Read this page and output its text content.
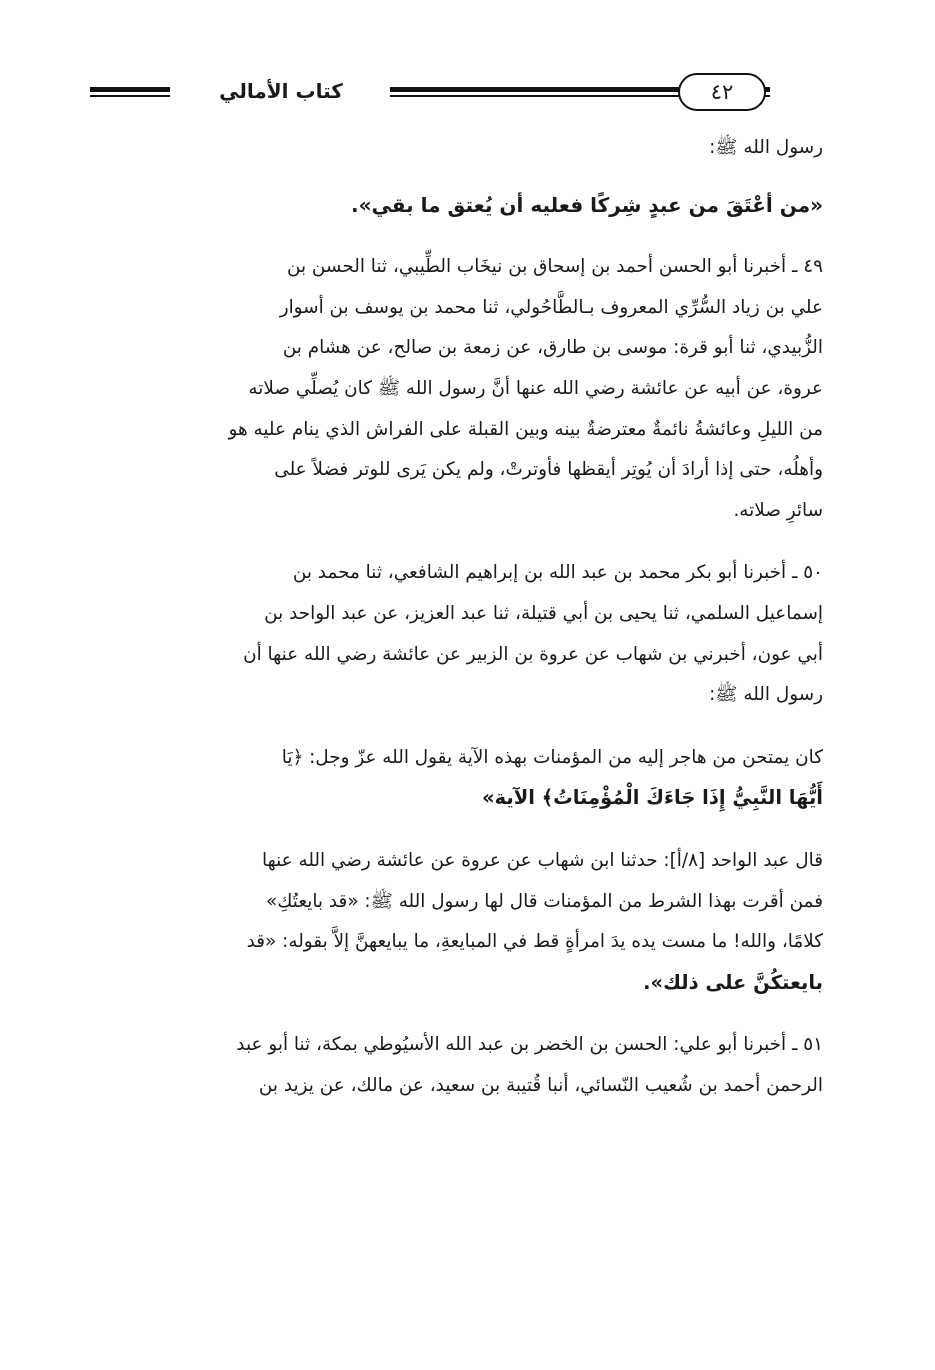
كتاب الأمالي	٤٢

رسول الله ﷺ:

«من أعْتَقَ من عبدٍ شِركًا فعليه أن يُعتق ما بقي».

٤٩ ـ أخبرنا أبو الحسن أحمد بن إسحاق بن نيخَاب الطِّيبي، ثنا الحسن بن

علي بن زياد السُّرِّي المعروف بـالطَّاحُولي، ثنا محمد بن يوسف بن أسوار

الزُّبيدي، ثنا أبو قرة: موسى بن طارق، عن زمعة بن صالح، عن هشام بن

عروة، عن أبيه عن عائشة رضي الله عنها أنَّ رسول الله ﷺ كان يُصلِّي صلاته

من الليلِ وعائشةُ نائمةٌ معترضةٌ بينه وبين القبلة على الفراش الذي ينام عليه هو

وأهلُه، حتى إذا أرادَ أن يُوتِر أيقظها فأوترتْ، ولم يكن يَرى للوتر فضلاً على

سائرِ صلاته.

٥٠ ـ أخبرنا أبو بكر محمد بن عبد الله بن إبراهيم الشافعي، ثنا محمد بن

إسماعيل السلمي، ثنا يحيى بن أبي قتيلة، ثنا عبد العزيز، عن عبد الواحد بن

أبي عون، أخبرني بن شهاب عن عروة بن الزبير عن عائشة رضي الله عنها أن

رسول الله ﷺ:

كان يمتحن من هاجر إليه من المؤمنات بهذه الآية يقول الله عزّ وجل: ﴿يَا

أَيُّهَا النَّبِيُّ إِذَا جَاءَكَ الْمُؤْمِنَاتُ﴾ الآية»

قال عبد الواحد [٨/أ]: حدثنا ابن شهاب عن عروة عن عائشة رضي الله عنها

فمن أقرت بهذا الشرط من المؤمنات قال لها رسول الله ﷺ: «قد بايعتُكِ»

كلامًا، والله! ما مست يده يدَ امرأةٍ قط في المبايعةِ، ما يبايعهنَّ إلاَّ بقوله: «قد

بايعتكُنَّ على ذلك».

٥١ ـ أخبرنا أبو علي: الحسن بن الخضر بن عبد الله الأسيُوطي بمكة، ثنا أبو عبد

الرحمن أحمد بن شُعيب النّسائي، أنبا قُتيبة بن سعيد، عن مالك، عن يزيد بن
